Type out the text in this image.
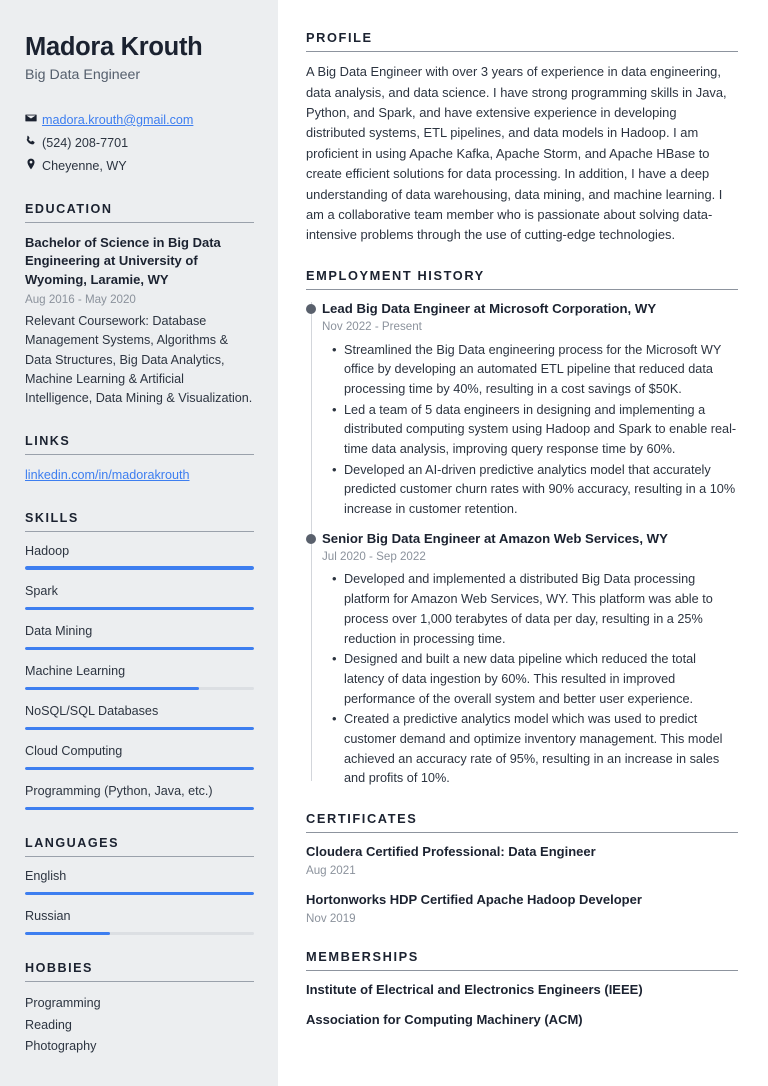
Madora Krouth
Big Data Engineer
madora.krouth@gmail.com
(524) 208-7701
Cheyenne, WY
EDUCATION
Bachelor of Science in Big Data Engineering at University of Wyoming, Laramie, WY
Aug 2016 - May 2020
Relevant Coursework: Database Management Systems, Algorithms & Data Structures, Big Data Analytics, Machine Learning & Artificial Intelligence, Data Mining & Visualization.
LINKS
linkedin.com/in/madorakrouth
SKILLS
Hadoop
Spark
Data Mining
Machine Learning
NoSQL/SQL Databases
Cloud Computing
Programming (Python, Java, etc.)
LANGUAGES
English
Russian
HOBBIES
Programming
Reading
Photography
PROFILE

A Big Data Engineer with over 3 years of experience in data engineering, data analysis, and data science. I have strong programming skills in Java, Python, and Spark, and have extensive experience in developing distributed systems, ETL pipelines, and data models in Hadoop. I am proficient in using Apache Kafka, Apache Storm, and Apache HBase to create efficient solutions for data processing. In addition, I have a deep understanding of data warehousing, data mining, and machine learning. I am a collaborative team member who is passionate about solving data-intensive problems through the use of cutting-edge technologies.

EMPLOYMENT HISTORY
Lead Big Data Engineer at Microsoft Corporation, WY
Nov 2022 - Present
• Streamlined the Big Data engineering process for the Microsoft WY office by developing an automated ETL pipeline that reduced data processing time by 40%, resulting in a cost savings of $50K.
• Led a team of 5 data engineers in designing and implementing a distributed computing system using Hadoop and Spark to enable real-time data analysis, improving query response time by 60%.
• Developed an AI-driven predictive analytics model that accurately predicted customer churn rates with 90% accuracy, resulting in a 10% increase in customer retention.
Senior Big Data Engineer at Amazon Web Services, WY
Jul 2020 - Sep 2022
• Developed and implemented a distributed Big Data processing platform for Amazon Web Services, WY. This platform was able to process over 1,000 terabytes of data per day, resulting in a 25% reduction in processing time.
• Designed and built a new data pipeline which reduced the total latency of data ingestion by 60%. This resulted in improved performance of the overall system and better user experience.
• Created a predictive analytics model which was used to predict customer demand and optimize inventory management. This model achieved an accuracy rate of 95%, resulting in an increase in sales and profits of 10%.
CERTIFICATES
Cloudera Certified Professional: Data Engineer
Aug 2021
Hortonworks HDP Certified Apache Hadoop Developer
Nov 2019
MEMBERSHIPS
Institute of Electrical and Electronics Engineers (IEEE)
Association for Computing Machinery (ACM)
